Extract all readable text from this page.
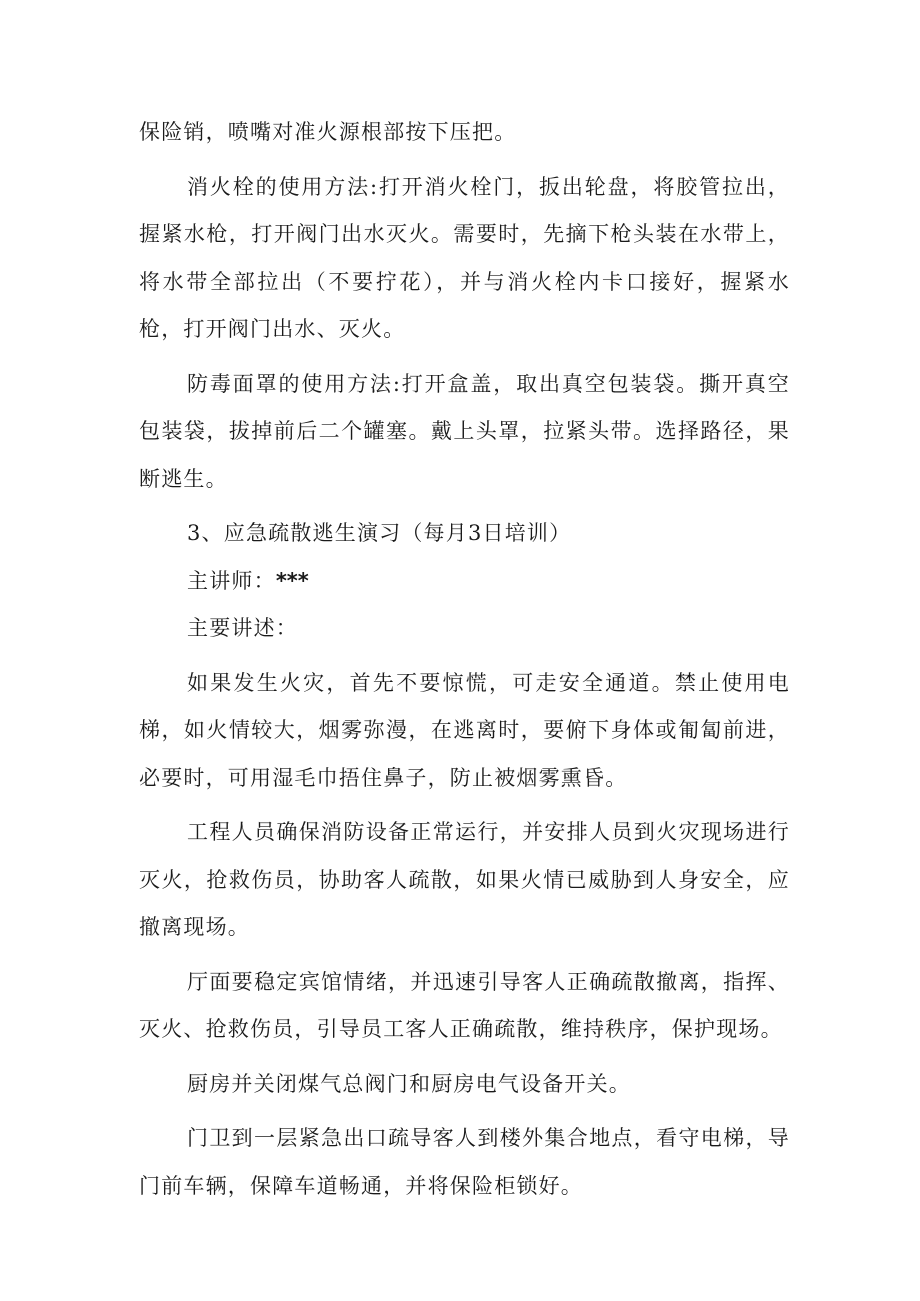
保险销，喷嘴对准火源根部按下压把。

消火栓的使用方法:打开消火栓门，扳出轮盘，将胶管拉出，握紧水枪，打开阀门出水灭火。需要时，先摘下枪头装在水带上，将水带全部拉出（不要拧花），并与消火栓内卡口接好，握紧水枪，打开阀门出水、灭火。

防毒面罩的使用方法:打开盒盖，取出真空包装袋。撕开真空包装袋，拔掉前后二个罐塞。戴上头罩，拉紧头带。选择路径，果断逃生。

3、应急疏散逃生演习（每月3日培训）

主讲师：***

主要讲述：

如果发生火灾，首先不要惊慌，可走安全通道。禁止使用电梯，如火情较大，烟雾弥漫，在逃离时，要俯下身体或匍匐前进，必要时，可用湿毛巾捂住鼻子，防止被烟雾熏昏。

工程人员确保消防设备正常运行，并安排人员到火灾现场进行灭火，抢救伤员，协助客人疏散，如果火情已威胁到人身安全，应撤离现场。

厅面要稳定宾馆情绪，并迅速引导客人正确疏散撤离，指挥、灭火、抢救伤员，引导员工客人正确疏散，维持秩序，保护现场。

厨房并关闭煤气总阀门和厨房电气设备开关。

门卫到一层紧急出口疏导客人到楼外集合地点，看守电梯，导门前车辆，保障车道畅通，并将保险柜锁好。
